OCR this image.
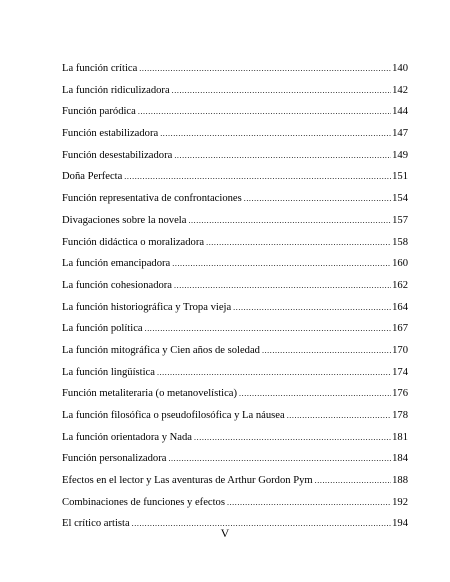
La función crítica .....	140
La función ridiculizadora .....	142
Función paródica .....	144
Función estabilizadora .....	147
Función desestabilizadora .....	149
Doña Perfecta .....	151
Función representativa de confrontaciones .....	154
Divagaciones sobre la novela .....	157
Función didáctica o moralizadora .....	158
La función emancipadora .....	160
La función cohesionadora .....	162
La función historiográfica y Tropa vieja .....	164
La función política .....	167
La función mitográfica y Cien años de soledad .....	170
La función lingüística .....	174
Función metaliteraria (o metanovelística) .....	176
La función filosófica o pseudofilosófica y La náusea .....	178
La función orientadora y Nada .....	181
Función personalizadora .....	184
Efectos en el lector y Las aventuras de Arthur Gordon Pym .....	188
Combinaciones de funciones y efectos .....	192
El crítico artista .....	194
V
